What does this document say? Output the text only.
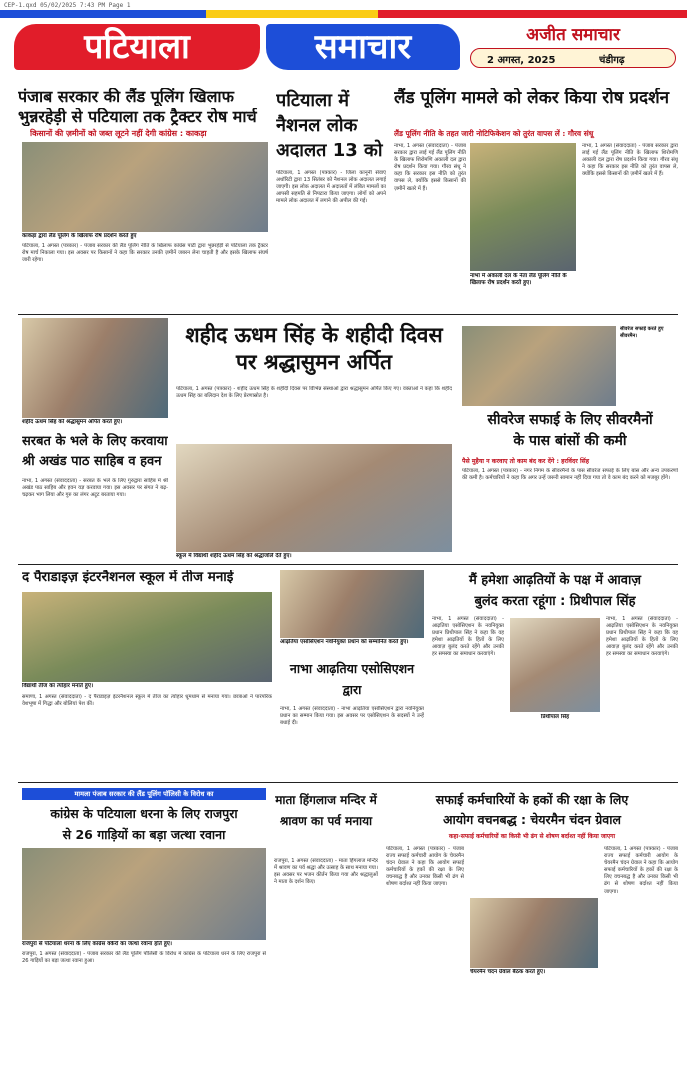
CEP-1.qxd 05/02/2025 7:43 PM Page 1
पटियाला	समाचार	अजीत समाचार
2 अगस्त, 2025	चंडीगढ़
पंजाब सरकार की लैंड पूलिंग खिलाफ
भुन्नरहेड़ी से पटियाला तक ट्रैक्टर रोष मार्च
किसानों की ज़मीनों को जब्त लूटने नहीं देगी कांग्रेस : काकड़ा
काकड़ा द्वारा लैंड पूलिंग के खिलाफ रोष प्रदर्शन करते हुए

पटियाला, 1 अगस्त (पत्रकार) - पंजाब सरकार की लैंड पूलिंग नीति के खिलाफ कांग्रेस पार्टी द्वारा भुन्नरहेड़ी से पटियाला तक ट्रैक्टर रोष मार्च निकाला गया। इस अवसर पर किसानों ने कहा कि सरकार उनकी ज़मीनें जबरन लेना चाहती है और इसके खिलाफ संघर्ष जारी रहेगा।

पटियाला में नैशनल लोक अदालत 13 को

पटियाला, 1 अगस्त (पत्रकार) - जिला कानूनी सेवाएं अथॉरिटी द्वारा 13 सितंबर को नैशनल लोक अदालत लगाई जाएगी। इस लोक अदालत में अदालतों में लंबित मामलों का आपसी सहमति से निपटारा किया जाएगा। लोगों को अपने मामले लोक अदालत में लगाने की अपील की गई।

लैंड पूलिंग मामले को लेकर किया रोष प्रदर्शन
लैंड पूलिंग नीति के तहत जारी नोटिफिकेशन को तुरंत वापस लें : गौरव संधू

नाभा, 1 अगस्त (संवाददाता) - पंजाब सरकार द्वारा लाई गई लैंड पूलिंग नीति के खिलाफ शिरोमणि अकाली दल द्वारा रोष प्रदर्शन किया गया। गौरव संधू ने कहा कि सरकार इस नीति को तुरंत वापस ले, क्योंकि इससे किसानों की ज़मीनें खतरे में हैं।

नाभा, 1 अगस्त (संवाददाता) - पंजाब सरकार द्वारा लाई गई लैंड पूलिंग नीति के खिलाफ शिरोमणि अकाली दल द्वारा रोष प्रदर्शन किया गया। गौरव संधू ने कहा कि सरकार इस नीति को तुरंत वापस ले, क्योंकि इससे किसानों की ज़मीनें खतरे में हैं।

नाभा में अकाली दल के नेता लैंड पूलिंग नीति के खिलाफ रोष प्रदर्शन करते हुए।
शहीद ऊधम सिंह को श्रद्धासुमन अर्पित करते हुए।
शहीद ऊधम सिंह के शहीदी दिवस पर श्रद्धासुमन अर्पित

पटियाला, 1 अगस्त (पत्रकार) - शहीद ऊधम सिंह के शहीदी दिवस पर विभिन्न संस्थाओं द्वारा श्रद्धासुमन अर्पित किए गए। वक्ताओं ने कहा कि शहीद ऊधम सिंह का बलिदान देश के लिए प्रेरणास्रोत है।

स्कूल में विद्यार्थी शहीद ऊधम सिंह को श्रद्धांजलि देते हुए।
सरबत के भले के लिए करवाया
श्री अखंड पाठ साहिब व हवन

नाभा, 1 अगस्त (संवाददाता) - सरबत के भले के लिए गुरुद्वारा साहिब में श्री अखंड पाठ साहिब और हवन यज्ञ करवाया गया। इस अवसर पर संगत ने बढ़-चढ़कर भाग लिया और गुरु का लंगर अटूट बरताया गया।

सीवरेज सफाई करते हुए सीवरमैन।
सीवरेज सफाई के लिए सीवरमैनों
के पास बांसों की कमी
पैसे मुहैया न करवाए तो काम बंद कर देंगे : हरविंदर सिंह

पटियाला, 1 अगस्त (पत्रकार) - नगर निगम के सीवरमैनों के पास सीवरेज सफाई के लिए बांस और अन्य उपकरणों की कमी है। कर्मचारियों ने कहा कि अगर उन्हें जरूरी सामान नहीं दिया गया तो वे काम बंद करने को मजबूर होंगे।

द पैराडाइज़ इंटरनैशनल स्कूल में तीज मनाई
विद्यार्थी तीज का त्योहार मनाते हुए।

समाणा, 1 अगस्त (संवाददाता) - द पैराडाइज़ इंटरनैशनल स्कूल में तीज का त्योहार धूमधाम से मनाया गया। छात्राओं ने पारंपरिक वेशभूषा में गिद्धा और बोलियां पेश कीं।

आढ़तिया एसोसिएशन नवनियुक्त प्रधान को सम्मानित करते हुए।
नाभा आढ़तिया एसोसिएशन द्वारा

नाभा, 1 अगस्त (संवाददाता) - नाभा आढ़तिया एसोसिएशन द्वारा नवनियुक्त प्रधान का सम्मान किया गया। इस अवसर पर एसोसिएशन के सदस्यों ने उन्हें बधाई दी।

मैं हमेशा आढ़तियों के पक्ष में आवाज़
बुलंद करता रहूंगा : प्रिथीपाल सिंह

नाभा, 1 अगस्त (संवाददाता) - आढ़तिया एसोसिएशन के नवनियुक्त प्रधान प्रिथीपाल सिंह ने कहा कि वह हमेशा आढ़तियों के हितों के लिए आवाज़ बुलंद करते रहेंगे और उनकी हर समस्या का समाधान करवाएंगे।

प्रिथीपाल सिंह

नाभा, 1 अगस्त (संवाददाता) - आढ़तिया एसोसिएशन के नवनियुक्त प्रधान प्रिथीपाल सिंह ने कहा कि वह हमेशा आढ़तियों के हितों के लिए आवाज़ बुलंद करते रहेंगे और उनकी हर समस्या का समाधान करवाएंगे।

मामला पंजाब सरकार की लैंड पूलिंग पॉलिसी के विरोध का
कांग्रेस के पटियाला धरना के लिए राजपुरा
से 26 गाड़ियों का बड़ा जत्था रवाना
राजपुरा से पटियाला धरना के लिए कांग्रेस वर्करों का जत्था रवाना होते हुए।

राजपुरा, 1 अगस्त (संवाददाता) - पंजाब सरकार की लैंड पूलिंग पॉलिसी के विरोध में कांग्रेस के पटियाला धरने के लिए राजपुरा से 26 गाड़ियों का बड़ा जत्था रवाना हुआ।

माता हिंगलाज मन्दिर में श्रावण का पर्व मनाया

राजपुरा, 1 अगस्त (संवाददाता) - माता हिंगलाज मन्दिर में श्रावण का पर्व श्रद्धा और उत्साह के साथ मनाया गया। इस अवसर पर भजन कीर्तन किया गया और श्रद्धालुओं ने माता के दर्शन किए।

सफाई कर्मचारियों के हकों की रक्षा के लिए
आयोग वचनबद्ध : चेयरमैन चंदन ग्रेवाल
कहा-सफाई कर्मचारियों का किसी भी ढंग से शोषण बर्दाश्त नहीं किया जाएगा

पटियाला, 1 अगस्त (पत्रकार) - पंजाब राज्य सफाई कर्मचारी आयोग के चेयरमैन चंदन ग्रेवाल ने कहा कि आयोग सफाई कर्मचारियों के हकों की रक्षा के लिए वचनबद्ध है और उनका किसी भी ढंग से शोषण बर्दाश्त नहीं किया जाएगा।

चेयरमैन चंदन ग्रेवाल बैठक करते हुए।

पटियाला, 1 अगस्त (पत्रकार) - पंजाब राज्य सफाई कर्मचारी आयोग के चेयरमैन चंदन ग्रेवाल ने कहा कि आयोग सफाई कर्मचारियों के हकों की रक्षा के लिए वचनबद्ध है और उनका किसी भी ढंग से शोषण बर्दाश्त नहीं किया जाएगा।
